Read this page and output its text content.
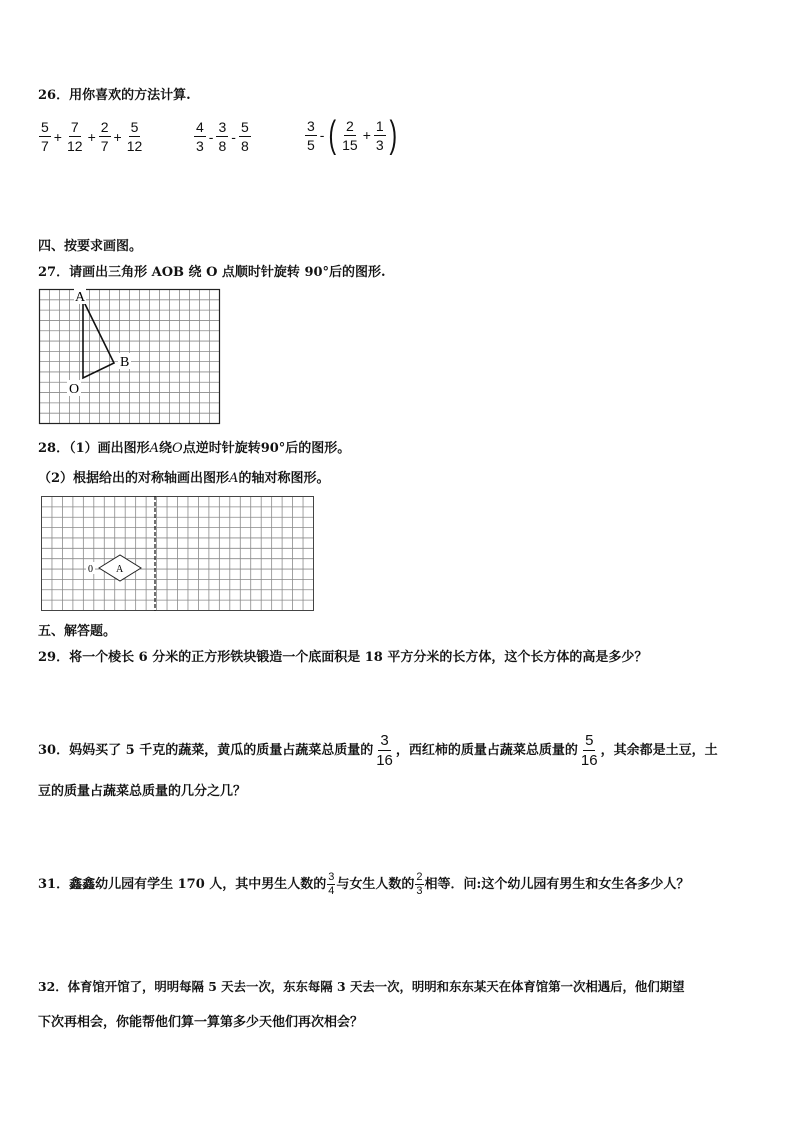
26．用你喜欢的方法计算.
$\frac{5}{7} + \frac{7}{12} + \frac{2}{7} + \frac{5}{12}$	$\frac{4}{3} - \frac{3}{8} - \frac{5}{8}$	$\frac{3}{5}$ - ( $\frac{2}{15} + \frac{1}{3}$ )
四、按要求画图。
27．请画出三角形 AOB 绕 O 点顺时针旋转 90°后的图形.
A
B
O
28．（1）画出图形A绕O点逆时针旋转90°后的图形。
（2）根据给出的对称轴画出图形A的轴对称图形。
A
0
五、解答题。
29．将一个棱长 6 分米的正方形铁块锻造一个底面积是 18 平方分米的长方体，这个长方体的高是多少？
30．妈妈买了 5 千克的蔬菜，黄瓜的质量占蔬菜总质量的 $\frac{3}{16}$ ，西红柿的质量占蔬菜总质量的 $\frac{5}{16}$ ，其余都是土豆，土
豆的质量占蔬菜总质量的几分之几？
31．鑫鑫幼儿园有学生 170 人，其中男生人数的 $\frac{3}{4}$ 与女生人数的 $\frac{2}{3}$ 相等．问:这个幼儿园有男生和女生各多少人？
32．体育馆开馆了，明明每隔 5 天去一次，东东每隔 3 天去一次，明明和东东某天在体育馆第一次相遇后，他们期望
下次再相会，你能帮他们算一算第多少天他们再次相会？
